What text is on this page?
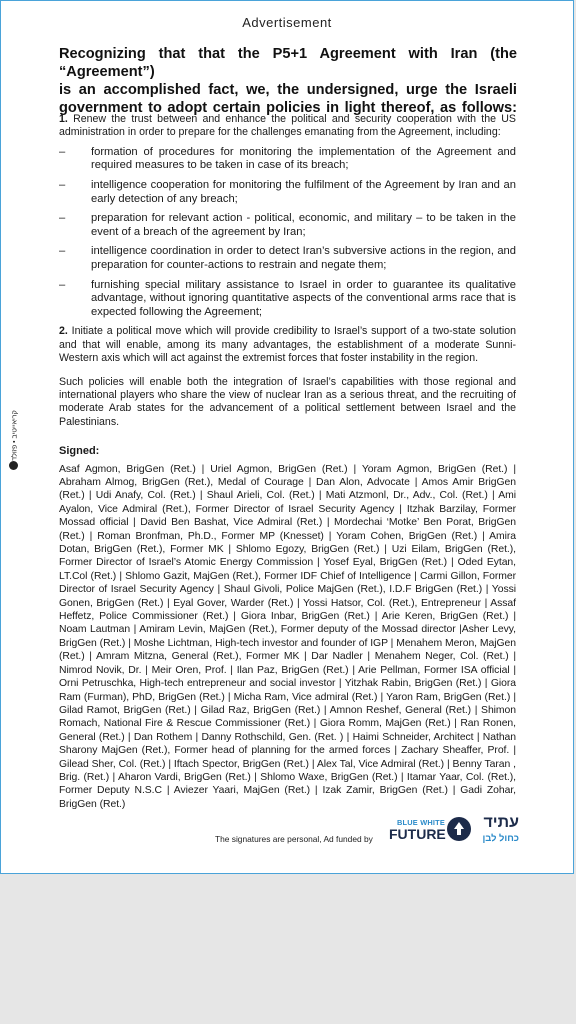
Advertisement
Recognizing that that the P5+1 Agreement with Iran (the “Agreement”)
is an accomplished fact, we, the undersigned, urge the Israeli
government to adopt certain policies in light thereof, as follows:

1. Renew the trust between and enhance the political and security cooperation with the US administration in order to prepare for the challenges emanating from the Agreement, including:

– formation of procedures for monitoring the implementation of the Agreement and required measures to be taken in case of its breach;
– intelligence cooperation for monitoring the fulfilment of the Agreement by Iran and an early detection of any breach;
– preparation for relevant action - political, economic, and military – to be taken in the event of a breach of the agreement by Iran;
– intelligence coordination in order to detect Iran’s subversive actions in the region, and preparation for counter-actions to restrain and negate them;
– furnishing special military assistance to Israel in order to guarantee its qualitative advantage, without ignoring quantitative aspects of the conventional arms race that is expected following the Agreement;

2. Initiate a political move which will provide credibility to Israel’s support of a two-state solution and that will enable, among its many advantages, the establishment of a moderate Sunni-Western axis which will act against the extremist forces that foster instability in the region.

Such policies will enable both the integration of Israel’s capabilities with those regional and international players who share the view of nuclear Iran as a serious threat, and the recruiting of moderate Arab states for the advancement of a political settlement between Israel and the Palestinians.

Signed:
Asaf Agmon, BrigGen (Ret.) | Uriel Agmon, BrigGen (Ret.) | Yoram Agmon, BrigGen (Ret.) | Abraham Almog, BrigGen (Ret.), Medal of Courage | Dan Alon, Advocate | Amos Amir BrigGen (Ret.) | Udi Anafy, Col. (Ret.) | Shaul Arieli, Col. (Ret.) | Mati Atzmonl, Dr., Adv., Col. (Ret.) | Ami Ayalon, Vice Admiral (Ret.), Former Director of Israel Security Agency | Itzhak Barzilay, Former Mossad official | David Ben Bashat, Vice Admiral (Ret.) | Mordechai ‘Motke’ Ben Porat, BrigGen (Ret.) | Roman Bronfman, Ph.D., Former MP (Knesset) | Yoram Cohen, BrigGen (Ret.) | Amira Dotan, BrigGen (Ret.), Former MK | Shlomo Egozy, BrigGen (Ret.) | Uzi Eilam, BrigGen (Ret.), Former Director of Israel’s Atomic Energy Commission | Yosef Eyal, BrigGen (Ret.) | Oded Eytan, LT.Col (Ret.) | Shlomo Gazit, MajGen (Ret.), Former IDF Chief of Intelligence | Carmi Gillon, Former Director of Israel Security Agency | Shaul Givoli, Police MajGen (Ret.), I.D.F BrigGen (Ret.) | Yossi Gonen, BrigGen (Ret.) | Eyal Gover, Warder (Ret.) | Yossi Hatsor, Col. (Ret.), Entrepreneur | Assaf Heffetz, Police Commissioner (Ret.) | Giora Inbar, BrigGen (Ret.) | Arie Keren, BrigGen (Ret.) | Noam Lautman | Amiram Levin, MajGen (Ret.), Former deputy of the Mossad director |Asher Levy, BrigGen (Ret.) | Moshe Lichtman, High-tech investor and founder of IGP | Menahem Meron, MajGen (Ret.) | Amram Mitzna, General (Ret.), Former MK | Dar Nadler | Menahem Neger, Col. (Ret.) | Nimrod Novik, Dr. | Meir Oren, Prof. | Ilan Paz, BrigGen (Ret.) | Arie Pellman, Former ISA official | Orni Petruschka, High-tech entrepreneur and social investor | Yitzhak Rabin, BrigGen (Ret.) | Giora Ram (Furman), PhD, BrigGen (Ret.) | Micha Ram, Vice admiral (Ret.) | Yaron Ram, BrigGen (Ret.) | Gilad Ramot, BrigGen (Ret.) | Gilad Raz, BrigGen (Ret.) | Amnon Reshef, General (Ret.) | Shimon Romach, National Fire & Rescue Commissioner (Ret.) | Giora Romm, MajGen (Ret.) | Ran Ronen, General (Ret.) | Dan Rothem | Danny Rothschild, Gen. (Ret. ) | Haimi Schneider, Architect | Nathan Sharony MajGen (Ret.), Former head of planning for the armed forces | Zachary Sheaffer, Prof. | Gilead Sher, Col. (Ret.) | Iftach Spector, BrigGen (Ret.) | Alex Tal, Vice Admiral (Ret.) | Benny Taran , Brig. (Ret.) | Aharon Vardi, BrigGen (Ret.) | Shlomo Waxe, BrigGen (Ret.) | Itamar Yaar, Col. (Ret.), Former Deputy N.S.C | Aviezer Yaari, MajGen (Ret.) | Izak Zamir, BrigGen (Ret.) | Gadi Zohar, BrigGen (Ret.)
קריאייטיב • פזולד
The signatures are personal, Ad funded by
BLUE WHITE
FUTURE
עתיד
כחול לבן
